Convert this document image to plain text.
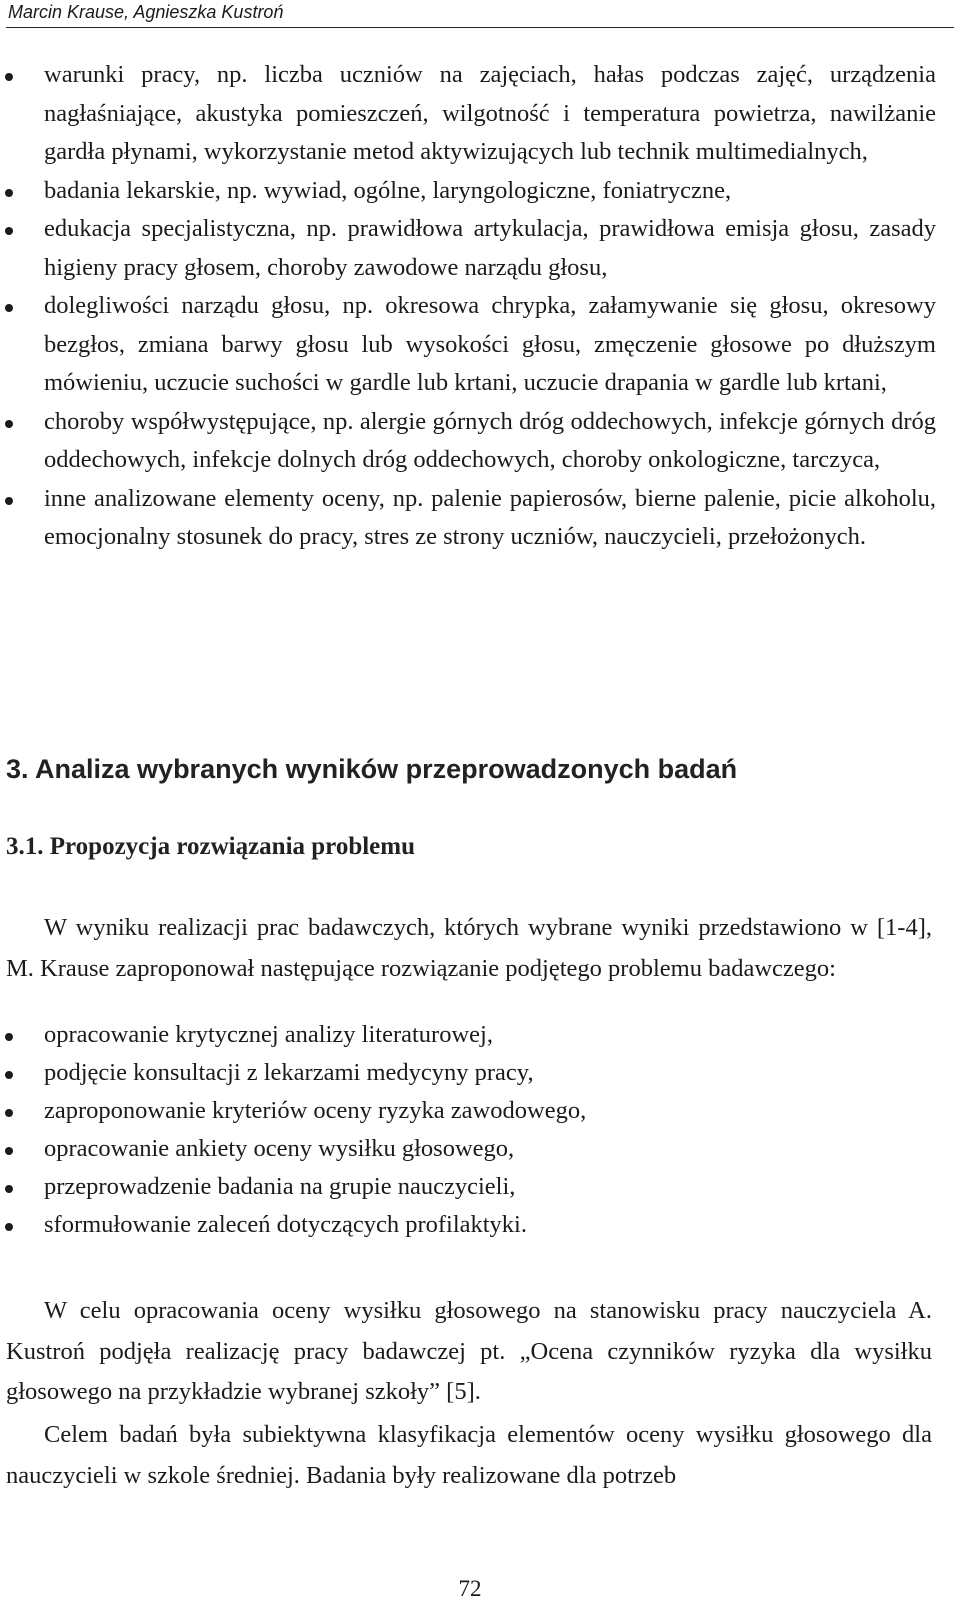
Marcin Krause, Agnieszka Kustroń
warunki pracy, np. liczba uczniów na zajęciach, hałas podczas zajęć, urządzenia nagłaśniające, akustyka pomieszczeń, wilgotność i temperatura powietrza, nawilżanie gardła płynami, wykorzystanie metod aktywizujących lub technik multimedialnych,
badania lekarskie, np. wywiad, ogólne, laryngologiczne, foniatryczne,
edukacja specjalistyczna, np. prawidłowa artykulacja, prawidłowa emisja głosu, zasady higieny pracy głosem, choroby zawodowe narządu głosu,
dolegliwości narządu głosu, np. okresowa chrypka, załamywanie się głosu, okresowy bezgłos, zmiana barwy głosu lub wysokości głosu, zmęczenie głosowe po dłuższym mówieniu, uczucie suchości w gardle lub krtani, uczucie drapania w gardle lub krtani,
choroby współwystępujące, np. alergie górnych dróg oddechowych, infekcje górnych dróg oddechowych, infekcje dolnych dróg oddechowych, choroby onkologiczne, tarczyca,
inne analizowane elementy oceny, np. palenie papierosów, bierne palenie, picie alkoholu, emocjonalny stosunek do pracy, stres ze strony uczniów, nauczycieli, przełożonych.
3. Analiza wybranych wyników przeprowadzonych badań
3.1. Propozycja rozwiązania problemu

W wyniku realizacji prac badawczych, których wybrane wyniki przedstawiono w [1-4], M. Krause zaproponował następujące rozwiązanie podjętego problemu badawczego:

opracowanie krytycznej analizy literaturowej,
podjęcie konsultacji z lekarzami medycyny pracy,
zaproponowanie kryteriów oceny ryzyka zawodowego,
opracowanie ankiety oceny wysiłku głosowego,
przeprowadzenie badania na grupie nauczycieli,
sformułowanie zaleceń dotyczących profilaktyki.

W celu opracowania oceny wysiłku głosowego na stanowisku pracy nauczyciela A. Kustroń podjęła realizację pracy badawczej pt. „Ocena czynników ryzyka dla wysiłku głosowego na przykładzie wybranej szkoły” [5].

Celem badań była subiektywna klasyfikacja elementów oceny wysiłku głosowego dla nauczycieli w szkole średniej. Badania były realizowane dla potrzeb

72
